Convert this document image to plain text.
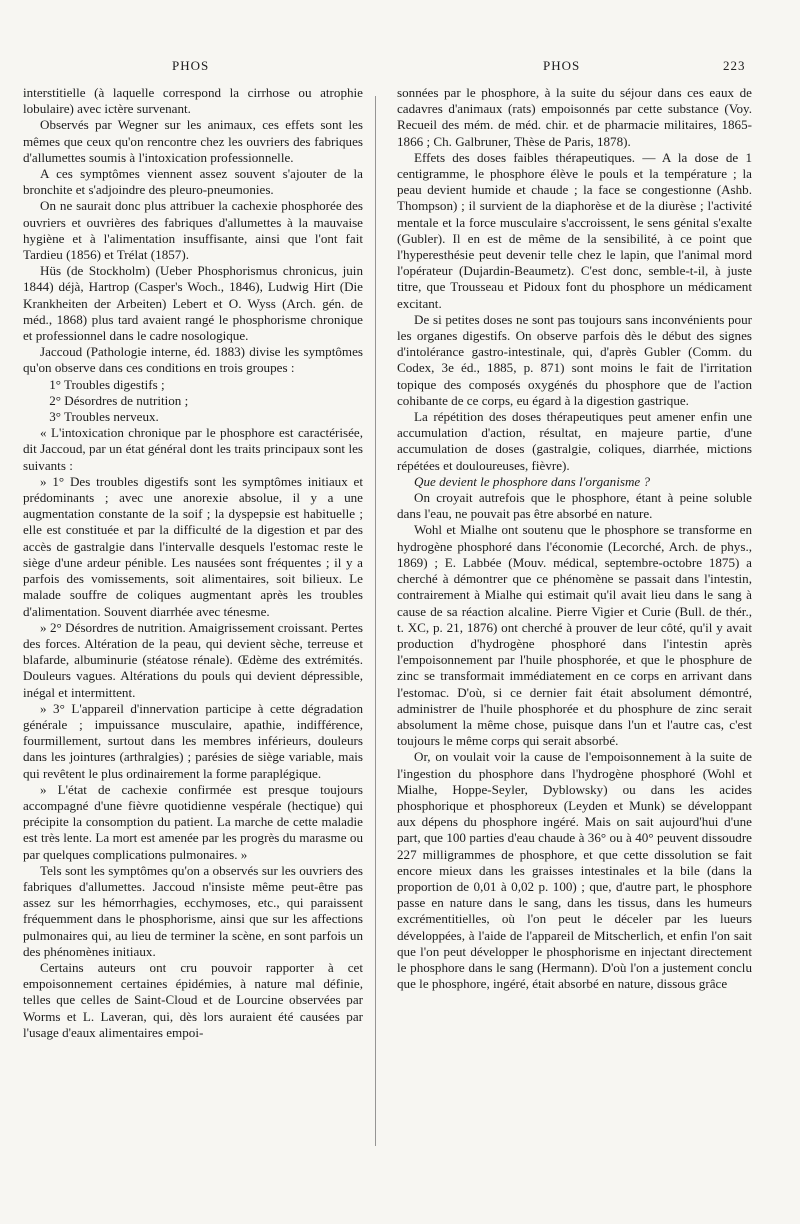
PHOS	PHOS	223

interstitielle (à laquelle correspond la cirrhose ou atrophie lobulaire) avec ictère survenant.

Observés par Wegner sur les animaux, ces effets sont les mêmes que ceux qu'on rencontre chez les ouvriers des fabriques d'allumettes soumis à l'intoxication professionnelle.

A ces symptômes viennent assez souvent s'ajouter de la bronchite et s'adjoindre des pleuro-pneumonies.

On ne saurait donc plus attribuer la cachexie phosphorée des ouvriers et ouvrières des fabriques d'allumettes à la mauvaise hygiène et à l'alimentation insuffisante, ainsi que l'ont fait Tardieu (1856) et Trélat (1857).

Hüs (de Stockholm) (Ueber Phosphorismus chronicus, juin 1844) déjà, Hartrop (Casper's Woch., 1846), Ludwig Hirt (Die Krankheiten der Arbeiten) Lebert et O. Wyss (Arch. gén. de méd., 1868) plus tard avaient rangé le phosphorisme chronique et professionnel dans le cadre nosologique.

Jaccoud (Pathologie interne, éd. 1883) divise les symptômes qu'on observe dans ces conditions en trois groupes :

1° Troubles digestifs ;

2° Désordres de nutrition ;

3° Troubles nerveux.

« L'intoxication chronique par le phosphore est caractérisée, dit Jaccoud, par un état général dont les traits principaux sont les suivants :

» 1° Des troubles digestifs sont les symptômes initiaux et prédominants ; avec une anorexie absolue, il y a une augmentation constante de la soif ; la dyspepsie est habituelle ; elle est constituée et par la difficulté de la digestion et par des accès de gastralgie dans l'intervalle desquels l'estomac reste le siège d'une ardeur pénible. Les nausées sont fréquentes ; il y a parfois des vomissements, soit alimentaires, soit bilieux. Le malade souffre de coliques augmentant après les troubles d'alimentation. Souvent diarrhée avec ténesme.

» 2° Désordres de nutrition. Amaigrissement croissant. Pertes des forces. Altération de la peau, qui devient sèche, terreuse et blafarde, albuminurie (stéatose rénale). Œdème des extrémités. Douleurs vagues. Altérations du pouls qui devient dépressible, inégal et intermittent.

» 3° L'appareil d'innervation participe à cette dégradation générale ; impuissance musculaire, apathie, indifférence, fourmillement, surtout dans les membres inférieurs, douleurs dans les jointures (arthralgies) ; parésies de siège variable, mais qui revêtent le plus ordinairement la forme paraplégique.

» L'état de cachexie confirmée est presque toujours accompagné d'une fièvre quotidienne vespérale (hectique) qui précipite la consomption du patient. La marche de cette maladie est très lente. La mort est amenée par les progrès du marasme ou par quelques complications pulmonaires. »

Tels sont les symptômes qu'on a observés sur les ouvriers des fabriques d'allumettes. Jaccoud n'insiste même peut-être pas assez sur les hémorrhagies, ecchymoses, etc., qui paraissent fréquemment dans le phosphorisme, ainsi que sur les affections pulmonaires qui, au lieu de terminer la scène, en sont parfois un des phénomènes initiaux.

Certains auteurs ont cru pouvoir rapporter à cet empoisonnement certaines épidémies, à nature mal définie, telles que celles de Saint-Cloud et de Lourcine observées par Worms et L. Laveran, qui, dès lors auraient été causées par l'usage d'eaux alimentaires empoi-

sonnées par le phosphore, à la suite du séjour dans ces eaux de cadavres d'animaux (rats) empoisonnés par cette substance (Voy. Recueil des mém. de méd. chir. et de pharmacie militaires, 1865-1866 ; Ch. Galbruner, Thèse de Paris, 1878).

Effets des doses faibles thérapeutiques. — A la dose de 1 centigramme, le phosphore élève le pouls et la température ; la peau devient humide et chaude ; la face se congestionne (Ashb. Thompson) ; il survient de la diaphorèse et de la diurèse ; l'activité mentale et la force musculaire s'accroissent, le sens génital s'exalte (Gubler). Il en est de même de la sensibilité, à ce point que l'hyperesthésie peut devenir telle chez le lapin, que l'animal mord l'opérateur (Dujardin-Beaumetz). C'est donc, semble-t-il, à juste titre, que Trousseau et Pidoux font du phosphore un médicament excitant.

De si petites doses ne sont pas toujours sans inconvénients pour les organes digestifs. On observe parfois dès le début des signes d'intolérance gastro-intestinale, qui, d'après Gubler (Comm. du Codex, 3e éd., 1885, p. 871) sont moins le fait de l'irritation topique des composés oxygénés du phosphore que de l'action cohibante de ce corps, eu égard à la digestion gastrique.

La répétition des doses thérapeutiques peut amener enfin une accumulation d'action, résultat, en majeure partie, d'une accumulation de doses (gastralgie, coliques, diarrhée, mictions répétées et douloureuses, fièvre).

Que devient le phosphore dans l'organisme ?

On croyait autrefois que le phosphore, étant à peine soluble dans l'eau, ne pouvait pas être absorbé en nature.

Wohl et Mialhe ont soutenu que le phosphore se transforme en hydrogène phosphoré dans l'économie (Lecorché, Arch. de phys., 1869) ; E. Labbée (Mouv. médical, septembre-octobre 1875) a cherché à démontrer que ce phénomène se passait dans l'intestin, contrairement à Mialhe qui estimait qu'il avait lieu dans le sang à cause de sa réaction alcaline. Pierre Vigier et Curie (Bull. de thér., t. XC, p. 21, 1876) ont cherché à prouver de leur côté, qu'il y avait production d'hydrogène phosphoré dans l'intestin après l'empoisonnement par l'huile phosphorée, et que le phosphure de zinc se transformait immédiatement en ce corps en arrivant dans l'estomac. D'où, si ce dernier fait était absolument démontré, administrer de l'huile phosphorée et du phosphure de zinc serait absolument la même chose, puisque dans l'un et l'autre cas, c'est toujours le même corps qui serait absorbé.

Or, on voulait voir la cause de l'empoisonnement à la suite de l'ingestion du phosphore dans l'hydrogène phosphoré (Wohl et Mialhe, Hoppe-Seyler, Dyblowsky) ou dans les acides phosphorique et phosphoreux (Leyden et Munk) se développant aux dépens du phosphore ingéré. Mais on sait aujourd'hui d'une part, que 100 parties d'eau chaude à 36° ou à 40° peuvent dissoudre 227 milligrammes de phosphore, et que cette dissolution se fait encore mieux dans les graisses intestinales et la bile (dans la proportion de 0,01 à 0,02 p. 100) ; que, d'autre part, le phosphore passe en nature dans le sang, dans les tissus, dans les humeurs excrémentitielles, où l'on peut le déceler par les lueurs développées, à l'aide de l'appareil de Mitscherlich, et enfin l'on sait que l'on peut développer le phosphorisme en injectant directement le phosphore dans le sang (Hermann). D'où l'on a justement conclu que le phosphore, ingéré, était absorbé en nature, dissous grâce
